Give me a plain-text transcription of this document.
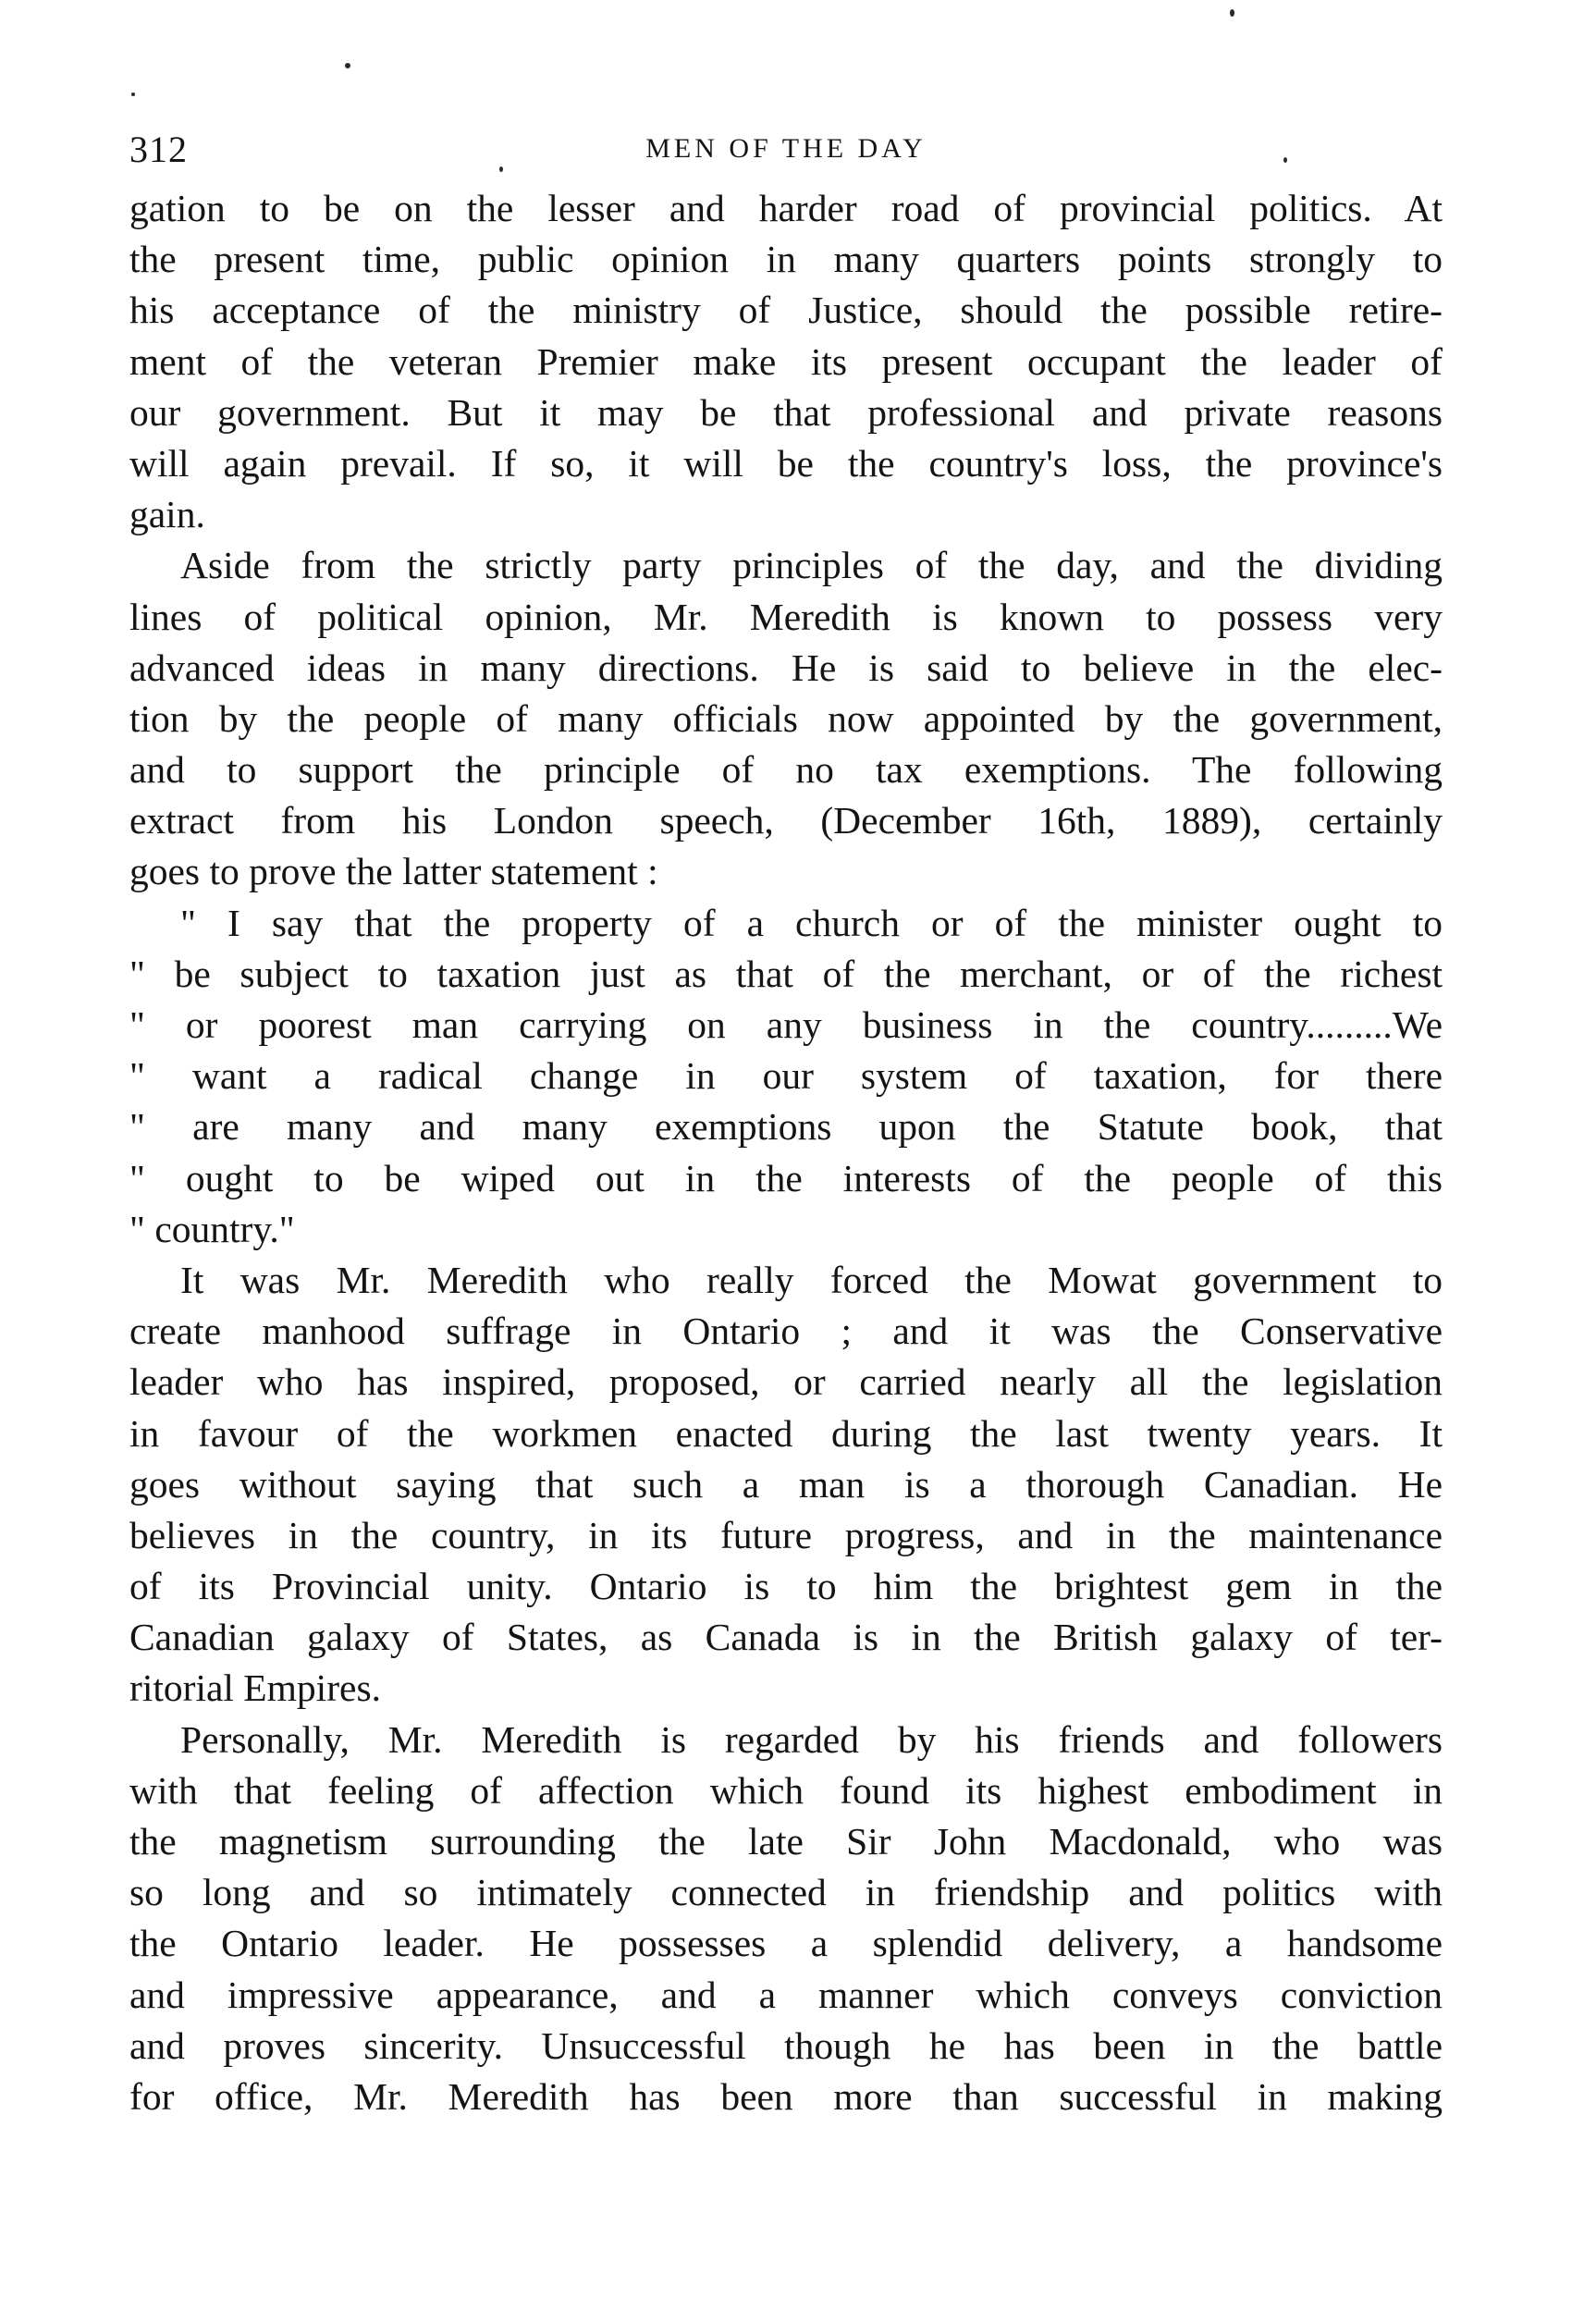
312	MEN OF THE DAY
gation to be on the lesser and harder road of provincial politics. At
the present time, public opinion in many quarters points strongly to
his acceptance of the ministry of Justice, should the possible retire-
ment of the veteran Premier make its present occupant the leader of
our government. But it may be that professional and private reasons
will again prevail. If so, it will be the country's loss, the province's
gain.
Aside from the strictly party principles of the day, and the dividing
lines of political opinion, Mr. Meredith is known to possess very
advanced ideas in many directions. He is said to believe in the elec-
tion by the people of many officials now appointed by the government,
and to support the principle of no tax exemptions. The following
extract from his London speech, (December 16th, 1889), certainly
goes to prove the latter statement :
" I say that the property of a church or of the minister ought to
" be subject to taxation just as that of the merchant, or of the richest
" or poorest man carrying on any business in the country.........We
" want a radical change in our system of taxation, for there
" are many and many exemptions upon the Statute book, that
" ought to be wiped out in the interests of the people of this
" country."
It was Mr. Meredith who really forced the Mowat government to
create manhood suffrage in Ontario ; and it was the Conservative
leader who has inspired, proposed, or carried nearly all the legislation
in favour of the workmen enacted during the last twenty years. It
goes without saying that such a man is a thorough Canadian. He
believes in the country, in its future progress, and in the maintenance
of its Provincial unity. Ontario is to him the brightest gem in the
Canadian galaxy of States, as Canada is in the British galaxy of ter-
ritorial Empires.
Personally, Mr. Meredith is regarded by his friends and followers
with that feeling of affection which found its highest embodiment in
the magnetism surrounding the late Sir John Macdonald, who was
so long and so intimately connected in friendship and politics with
the Ontario leader. He possesses a splendid delivery, a handsome
and impressive appearance, and a manner which conveys conviction
and proves sincerity. Unsuccessful though he has been in the battle
for office, Mr. Meredith has been more than successful in making
